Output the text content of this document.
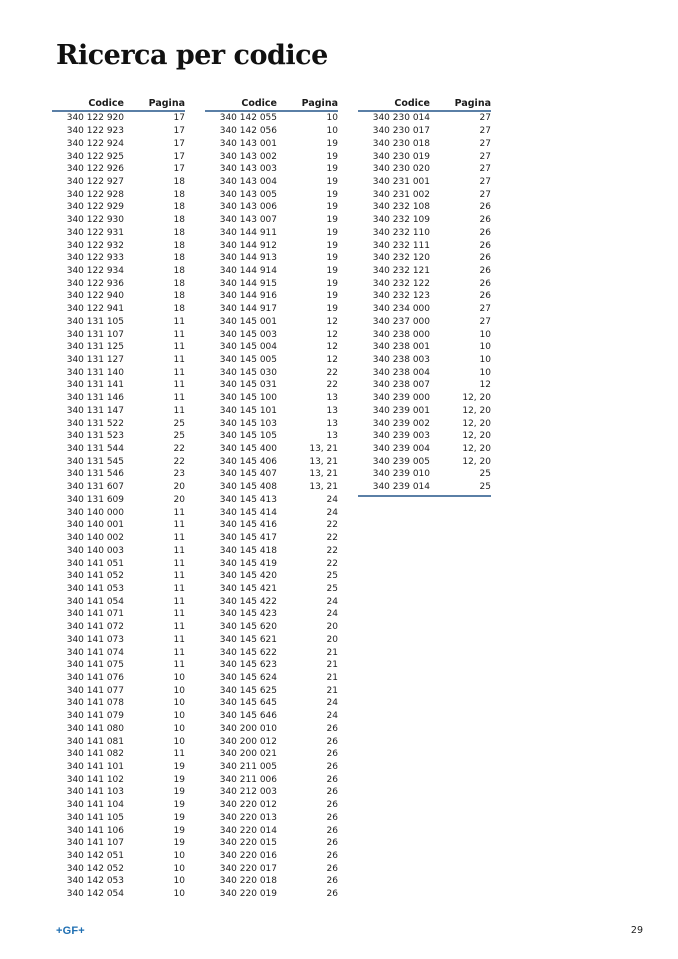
Ricerca per codice
Codice	Pagina
340 122 920	17
340 122 923	17
340 122 924	17
340 122 925	17
340 122 926	17
340 122 927	18
340 122 928	18
340 122 929	18
340 122 930	18
340 122 931	18
340 122 932	18
340 122 933	18
340 122 934	18
340 122 936	18
340 122 940	18
340 122 941	18
340 131 105	11
340 131 107	11
340 131 125	11
340 131 127	11
340 131 140	11
340 131 141	11
340 131 146	11
340 131 147	11
340 131 522	25
340 131 523	25
340 131 544	22
340 131 545	22
340 131 546	23
340 131 607	20
340 131 609	20
340 140 000	11
340 140 001	11
340 140 002	11
340 140 003	11
340 141 051	11
340 141 052	11
340 141 053	11
340 141 054	11
340 141 071	11
340 141 072	11
340 141 073	11
340 141 074	11
340 141 075	11
340 141 076	10
340 141 077	10
340 141 078	10
340 141 079	10
340 141 080	10
340 141 081	10
340 141 082	11
340 141 101	19
340 141 102	19
340 141 103	19
340 141 104	19
340 141 105	19
340 141 106	19
340 141 107	19
340 142 051	10
340 142 052	10
340 142 053	10
340 142 054	10
Codice	Pagina
340 142 055	10
340 142 056	10
340 143 001	19
340 143 002	19
340 143 003	19
340 143 004	19
340 143 005	19
340 143 006	19
340 143 007	19
340 144 911	19
340 144 912	19
340 144 913	19
340 144 914	19
340 144 915	19
340 144 916	19
340 144 917	19
340 145 001	12
340 145 003	12
340 145 004	12
340 145 005	12
340 145 030	22
340 145 031	22
340 145 100	13
340 145 101	13
340 145 103	13
340 145 105	13
340 145 400	13, 21
340 145 406	13, 21
340 145 407	13, 21
340 145 408	13, 21
340 145 413	24
340 145 414	24
340 145 416	22
340 145 417	22
340 145 418	22
340 145 419	22
340 145 420	25
340 145 421	25
340 145 422	24
340 145 423	24
340 145 620	20
340 145 621	20
340 145 622	21
340 145 623	21
340 145 624	21
340 145 625	21
340 145 645	24
340 145 646	24
340 200 010	26
340 200 012	26
340 200 021	26
340 211 005	26
340 211 006	26
340 212 003	26
340 220 012	26
340 220 013	26
340 220 014	26
340 220 015	26
340 220 016	26
340 220 017	26
340 220 018	26
340 220 019	26
Codice	Pagina
340 230 014	27
340 230 017	27
340 230 018	27
340 230 019	27
340 230 020	27
340 231 001	27
340 231 002	27
340 232 108	26
340 232 109	26
340 232 110	26
340 232 111	26
340 232 120	26
340 232 121	26
340 232 122	26
340 232 123	26
340 234 000	27
340 237 000	27
340 238 000	10
340 238 001	10
340 238 003	10
340 238 004	10
340 238 007	12
340 239 000	12, 20
340 239 001	12, 20
340 239 002	12, 20
340 239 003	12, 20
340 239 004	12, 20
340 239 005	12, 20
340 239 010	25
340 239 014	25
+GF+	29
